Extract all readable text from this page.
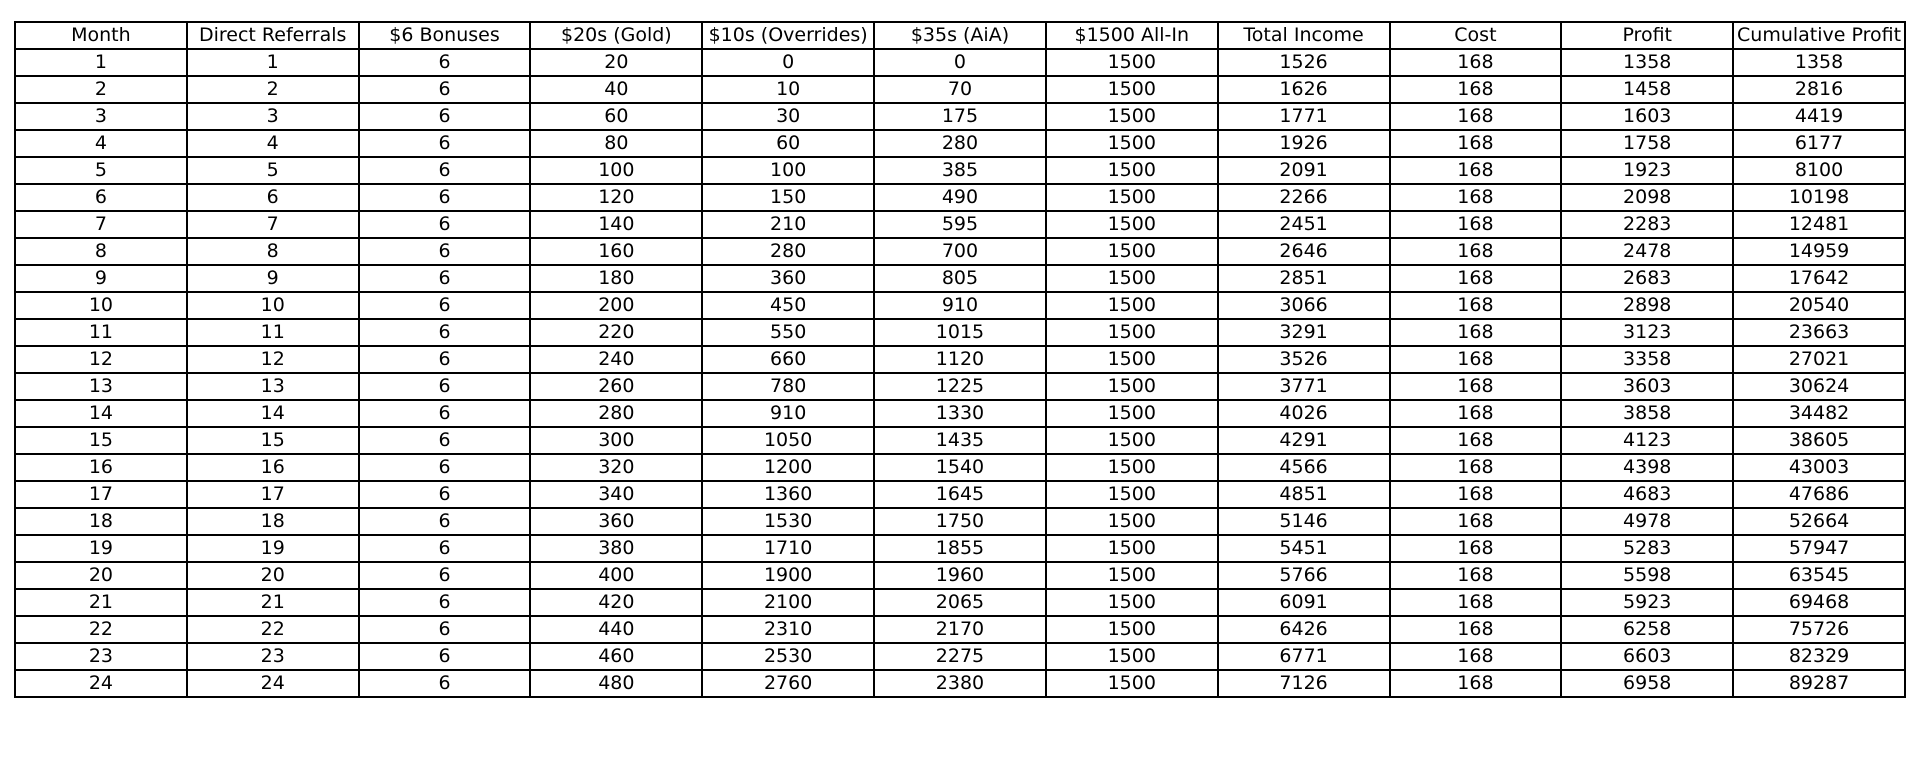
Month	Direct Referrals	$6 Bonuses	$20s (Gold)	$10s (Overrides)	$35s (AiA)	$1500 All-In	Total Income	Cost	Profit	Cumulative Profit
1	1	6	20	0	0	1500	1526	168	1358	1358
2	2	6	40	10	70	1500	1626	168	1458	2816
3	3	6	60	30	175	1500	1771	168	1603	4419
4	4	6	80	60	280	1500	1926	168	1758	6177
5	5	6	100	100	385	1500	2091	168	1923	8100
6	6	6	120	150	490	1500	2266	168	2098	10198
7	7	6	140	210	595	1500	2451	168	2283	12481
8	8	6	160	280	700	1500	2646	168	2478	14959
9	9	6	180	360	805	1500	2851	168	2683	17642
10	10	6	200	450	910	1500	3066	168	2898	20540
11	11	6	220	550	1015	1500	3291	168	3123	23663
12	12	6	240	660	1120	1500	3526	168	3358	27021
13	13	6	260	780	1225	1500	3771	168	3603	30624
14	14	6	280	910	1330	1500	4026	168	3858	34482
15	15	6	300	1050	1435	1500	4291	168	4123	38605
16	16	6	320	1200	1540	1500	4566	168	4398	43003
17	17	6	340	1360	1645	1500	4851	168	4683	47686
18	18	6	360	1530	1750	1500	5146	168	4978	52664
19	19	6	380	1710	1855	1500	5451	168	5283	57947
20	20	6	400	1900	1960	1500	5766	168	5598	63545
21	21	6	420	2100	2065	1500	6091	168	5923	69468
22	22	6	440	2310	2170	1500	6426	168	6258	75726
23	23	6	460	2530	2275	1500	6771	168	6603	82329
24	24	6	480	2760	2380	1500	7126	168	6958	89287
